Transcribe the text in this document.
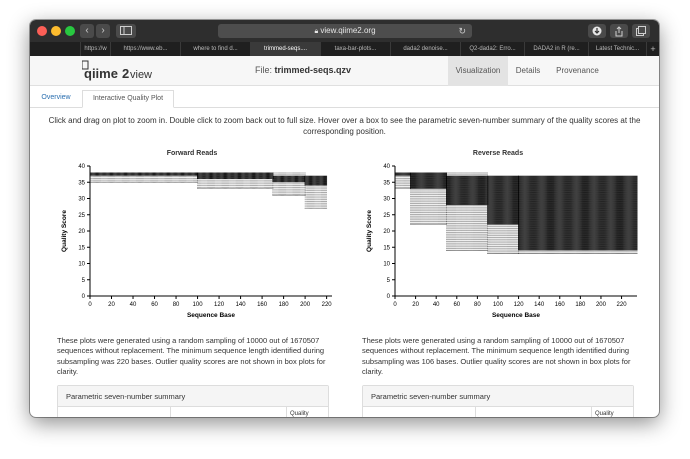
‹	›	🔒︎ view.qiime2.org	↻
https://w	https://www.eb...	where to find d...	trimmed-seqs....	taxa-bar-plots...	dada2 denoise...	Q2-dada2: Erro...	DADA2 in R (re...	Latest Technic...	+
qiime 2 view	File: trimmed-seqs.qzv	Visualization	Details	Provenance
Overview	Interactive Quality Plot
Click and drag on plot to zoom in. Double click to zoom back out to full size. Hover over a box to see the parametric seven-number summary of the quality scores at the corresponding position.
Forward Reads	Reverse Reads
0
5
10
15
20
25
30
35
40
0	20 40 60 80 100 120 140 160 180 200 220
Sequence Base
Quality Score
0
5
10
15
20
25
30
35
40
0	20 40 60 80 100 120 140 160 180 200 220
Sequence Base
Quality Score
These plots were generated using a random sampling of 10000 out of 1670507 sequences without replacement. The minimum sequence length identified during subsampling was 220 bases. Outlier quality scores are not shown in box plots for clarity.
These plots were generated using a random sampling of 10000 out of 1670507 sequences without replacement. The minimum sequence length identified during subsampling was 106 bases. Outlier quality scores are not shown in box plots for clarity.
Parametric seven-number summary
Quality
Parametric seven-number summary
Quality
